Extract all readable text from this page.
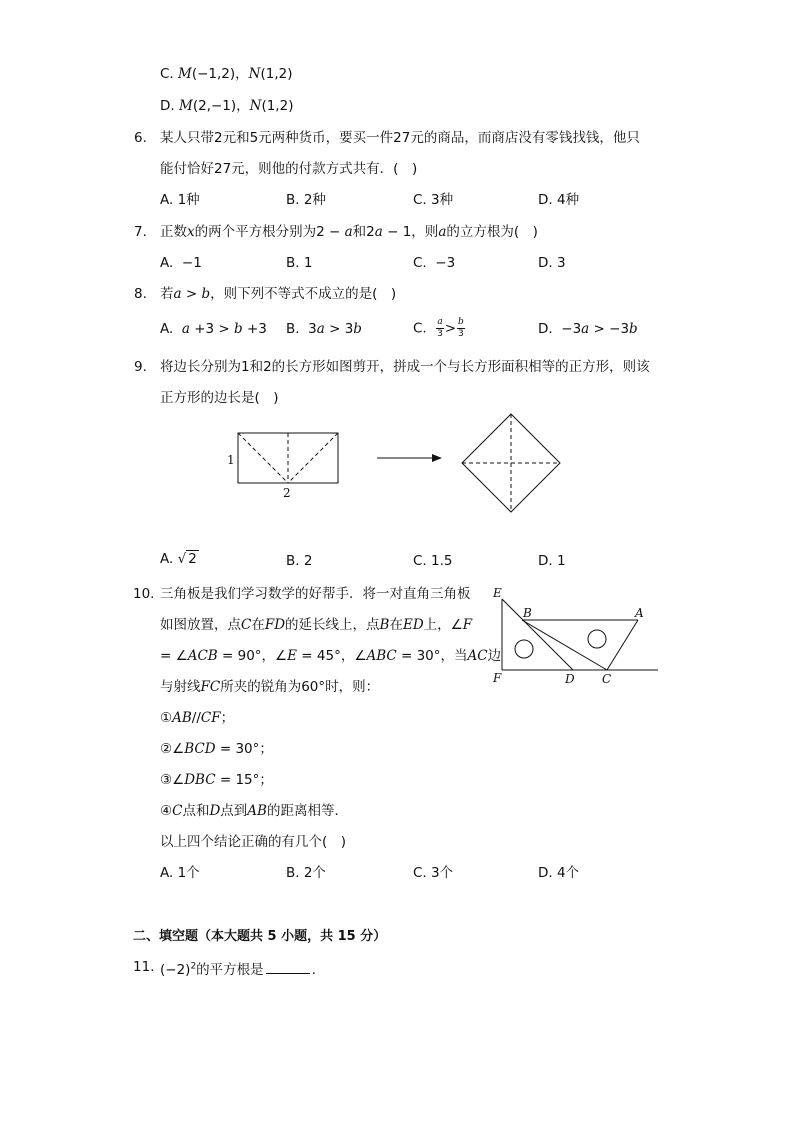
C. M(−1,2)，N(1,2)
D. M(2,−1)，N(1,2)
6. 某人只带2元和5元两种货币，要买一件27元的商品，而商店没有零钱找钱，他只
能付恰好27元，则他的付款方式共有．(　)
A. 1种	B. 2种	C. 3种	D. 4种
7. 正数x的两个平方根分别为2 − a和2a − 1，则a的立方根为(　)
A.  −1	B. 1	C.  −3	D. 3
8. 若a > b，则下列不等式不成立的是(　)
A. a +3 > b +3 B.  3a > 3b	C. $\frac{a}{3} > \frac{b}{3}$	D.  −3a > −3b
9. 将边长分别为1和2的长方形如图剪开，拼成一个与长方形面积相等的正方形，则该
正方形的边长是(　)
1
2
A. √ 2	B. 2	C. 1.5	D. 1
10. 三角板是我们学习数学的好帮手．将一对直角三角板
如图放置，点C在FD的延长线上，点B在ED上，∠F
= ∠ACB = 90°，∠E = 45°，∠ABC = 30°，当AC边
与射线FC所夹的锐角为60°时，则：
E
B	A
F	D C
①AB//CF；
②∠BCD = 30°；
③∠DBC = 15°；
④C点和D点到AB的距离相等．
以上四个结论正确的有几个(　)
A. 1个	B. 2个	C. 3个	D. 4个
二、填空题（本大题共 5 小题，共 15 分）
11. $(-2)^2$的平方根是	.
